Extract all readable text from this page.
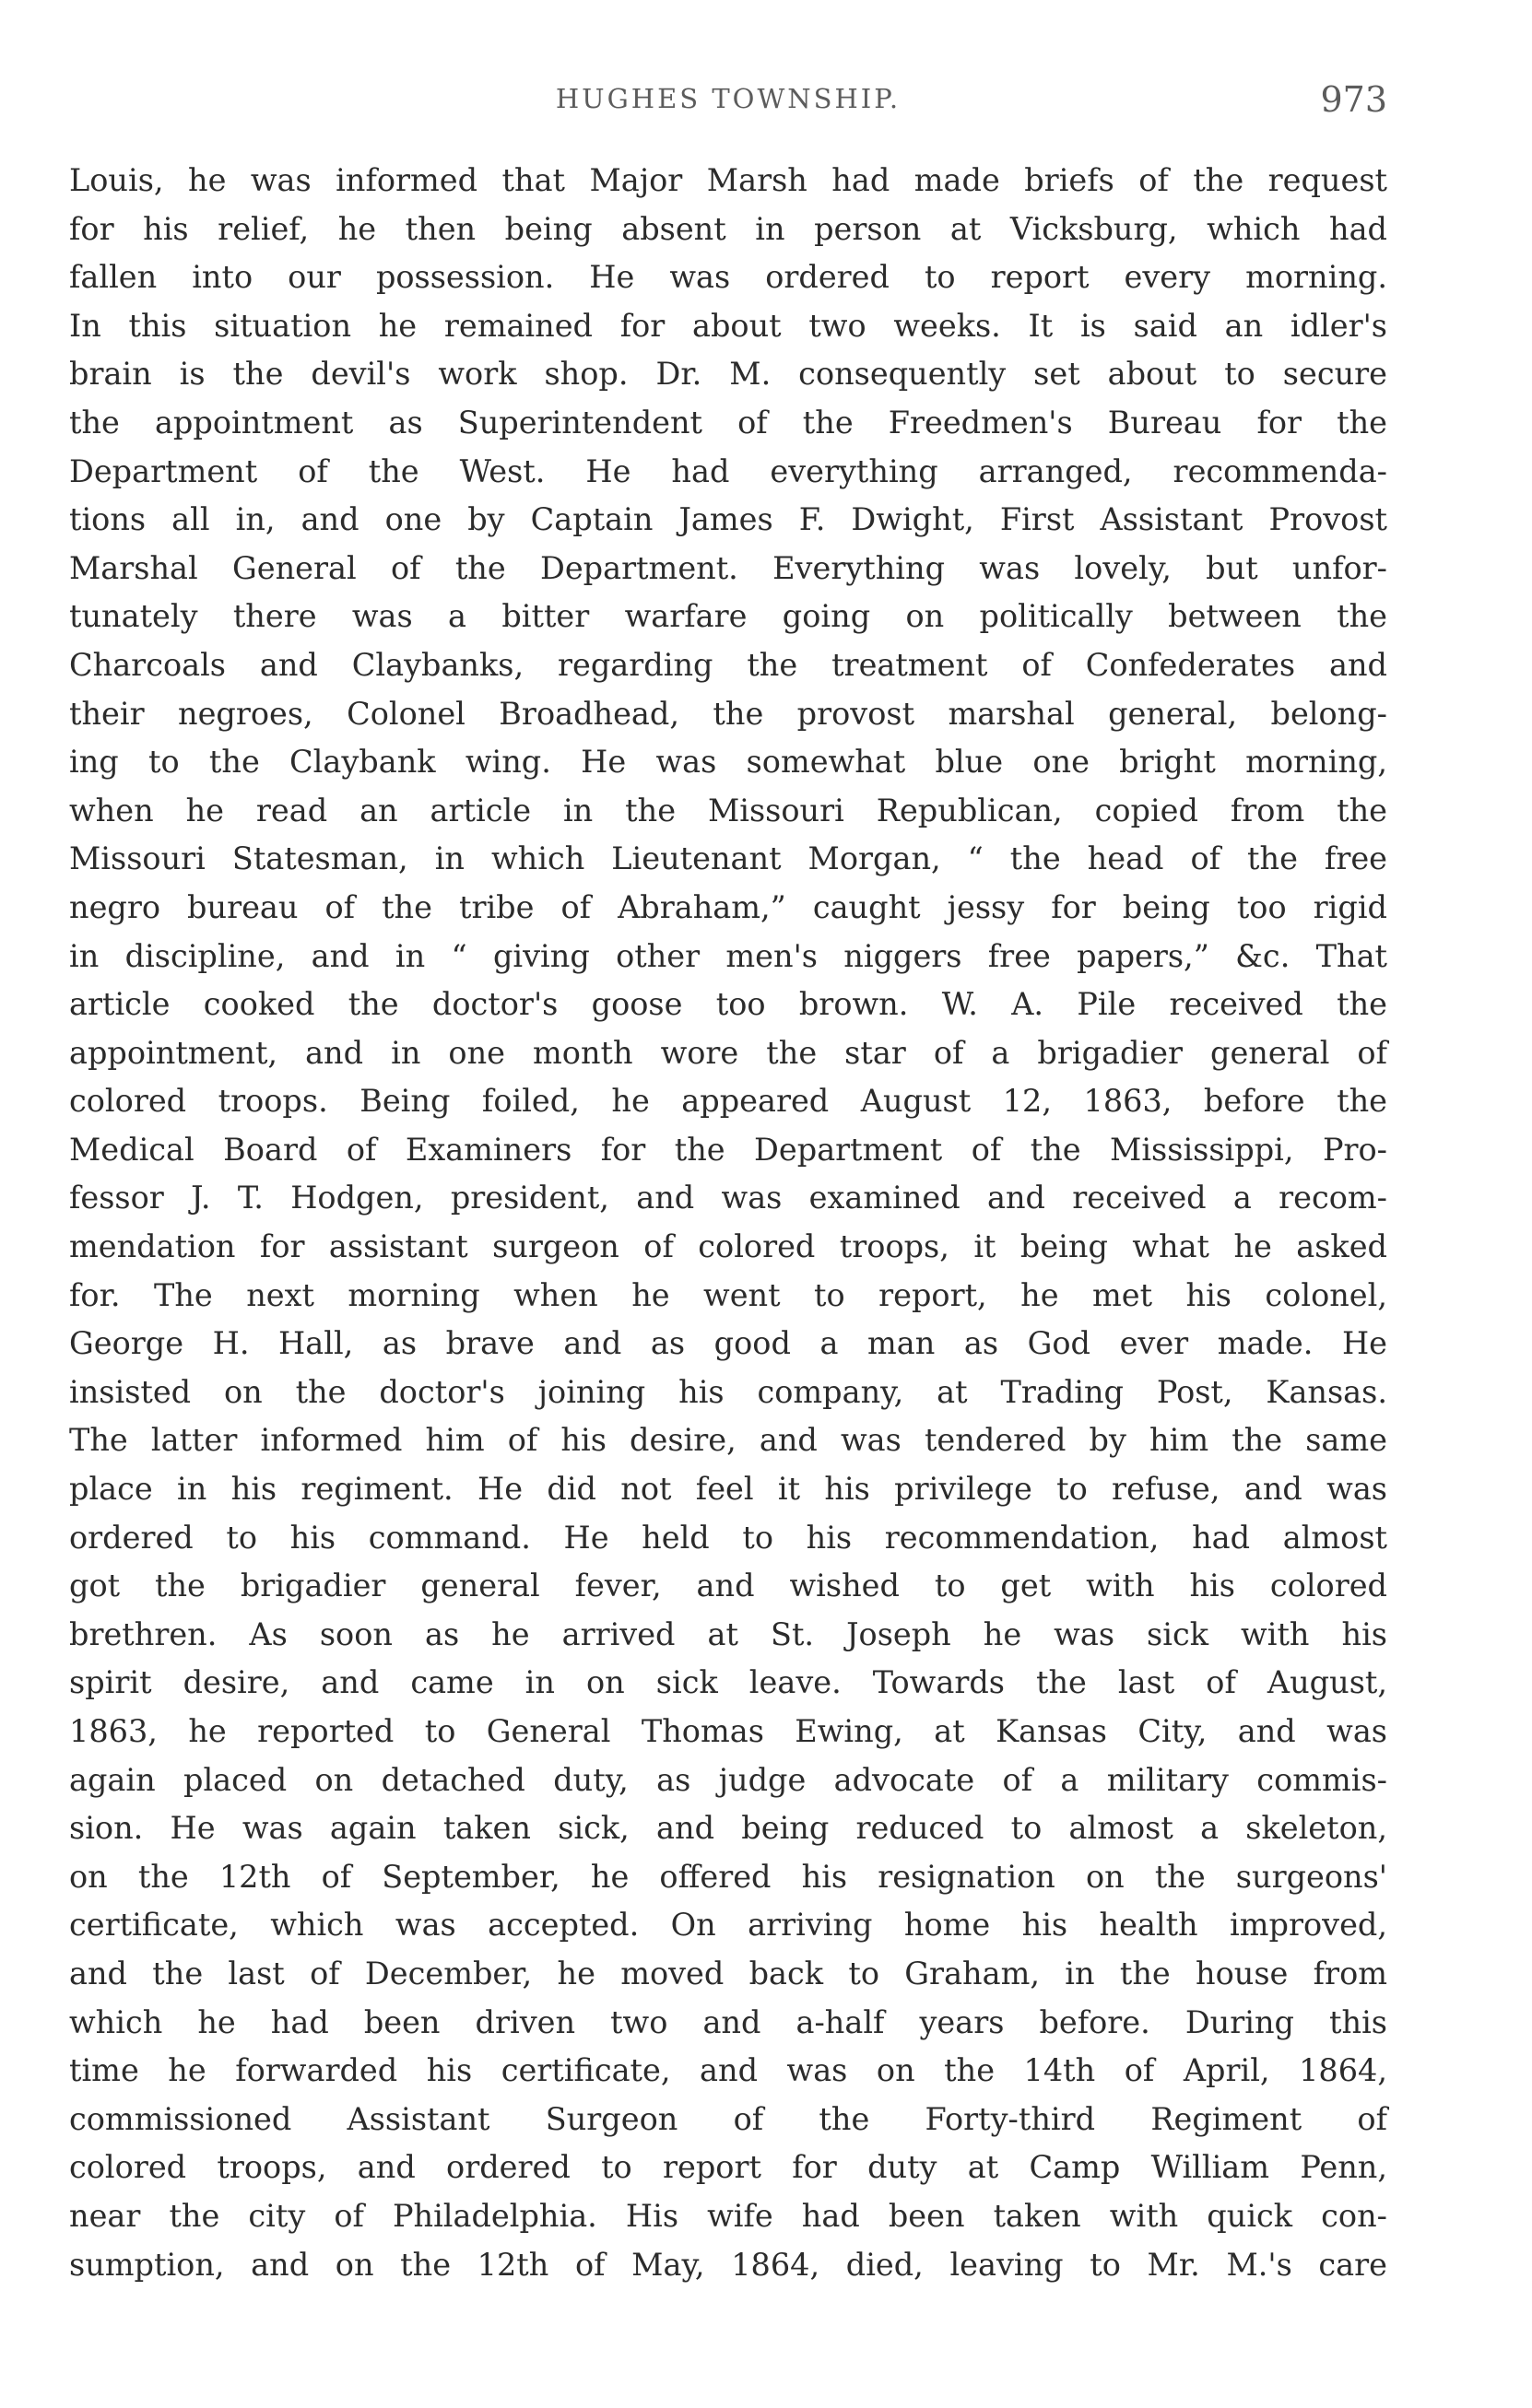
HUGHES TOWNSHIP.	973
Louis, he was informed that Major Marsh had made briefs of the request
for his relief, he then being absent in person at Vicksburg, which had
fallen into our possession. He was ordered to report every morning.
In this situation he remained for about two weeks. It is said an idler's
brain is the devil's work shop. Dr. M. consequently set about to secure
the appointment as Superintendent of the Freedmen's Bureau for the
Department of the West. He had everything arranged, recommenda-
tions all in, and one by Captain James F. Dwight, First Assistant Provost
Marshal General of the Department. Everything was lovely, but unfor-
tunately there was a bitter warfare going on politically between the
Charcoals and Claybanks, regarding the treatment of Confederates and
their negroes, Colonel Broadhead, the provost marshal general, belong-
ing to the Claybank wing. He was somewhat blue one bright morning,
when he read an article in the Missouri Republican, copied from the
Missouri Statesman, in which Lieutenant Morgan, “ the head of the free
negro bureau of the tribe of Abraham,” caught jessy for being too rigid
in discipline, and in “ giving other men's niggers free papers,” &c. That
article cooked the doctor's goose too brown. W. A. Pile received the
appointment, and in one month wore the star of a brigadier general of
colored troops. Being foiled, he appeared August 12, 1863, before the
Medical Board of Examiners for the Department of the Mississippi, Pro-
fessor J. T. Hodgen, president, and was examined and received a recom-
mendation for assistant surgeon of colored troops, it being what he asked
for. The next morning when he went to report, he met his colonel,
George H. Hall, as brave and as good a man as God ever made. He
insisted on the doctor's joining his company, at Trading Post, Kansas.
The latter informed him of his desire, and was tendered by him the same
place in his regiment. He did not feel it his privilege to refuse, and was
ordered to his command. He held to his recommendation, had almost
got the brigadier general fever, and wished to get with his colored
brethren. As soon as he arrived at St. Joseph he was sick with his
spirit desire, and came in on sick leave. Towards the last of August,
1863, he reported to General Thomas Ewing, at Kansas City, and was
again placed on detached duty, as judge advocate of a military commis-
sion. He was again taken sick, and being reduced to almost a skeleton,
on the 12th of September, he offered his resignation on the surgeons'
certificate, which was accepted. On arriving home his health improved,
and the last of December, he moved back to Graham, in the house from
which he had been driven two and a-half years before. During this
time he forwarded his certificate, and was on the 14th of April, 1864,
commissioned Assistant Surgeon of the Forty-third Regiment of
colored troops, and ordered to report for duty at Camp William Penn,
near the city of Philadelphia. His wife had been taken with quick con-
sumption, and on the 12th of May, 1864, died, leaving to Mr. M.'s care
